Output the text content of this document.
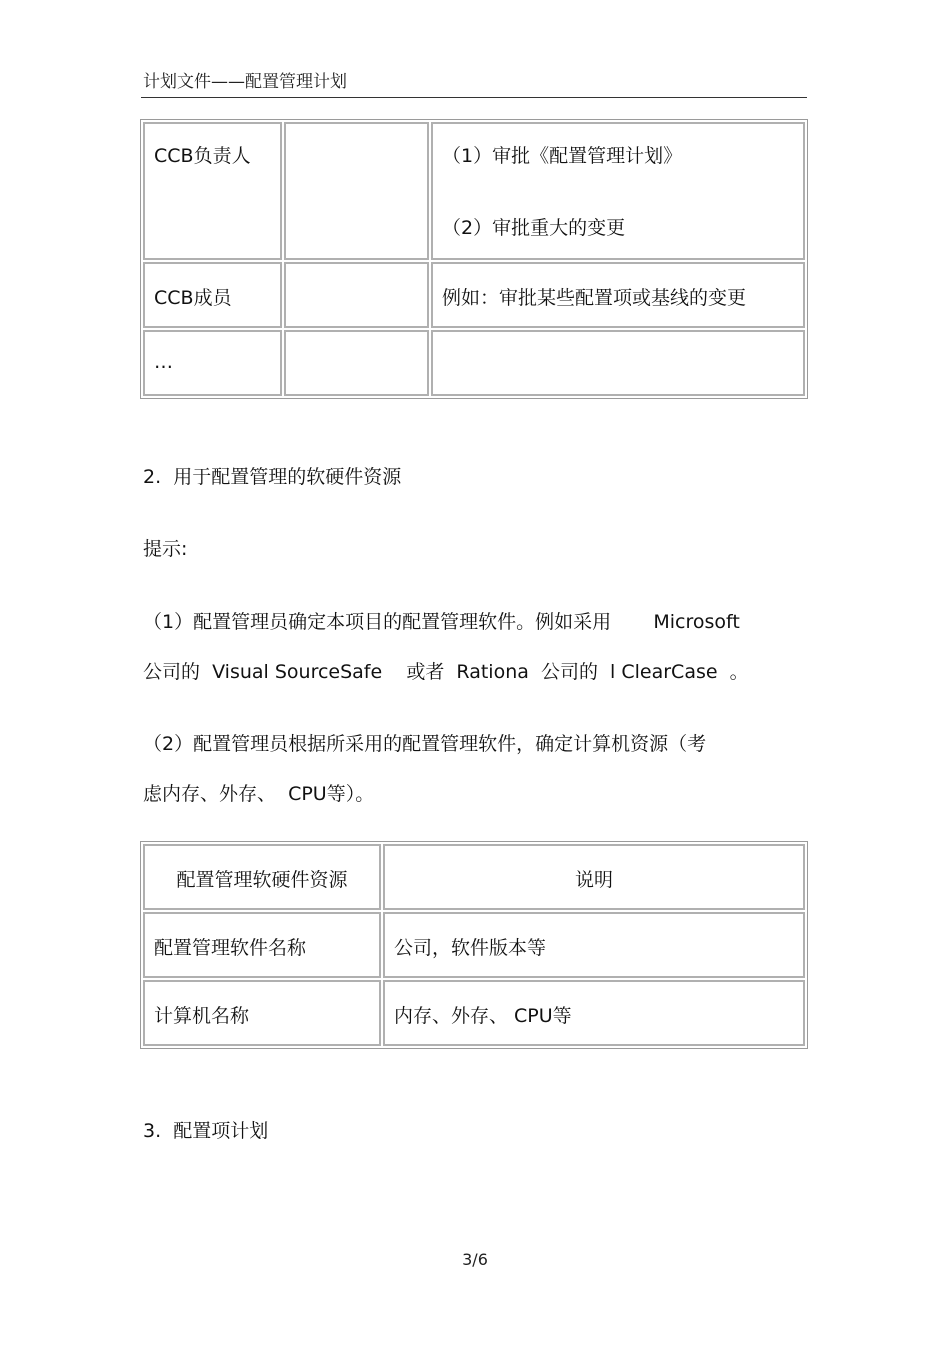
计划文件——配置管理计划
CCB负责人		（1）审批《配置管理计划》
（2）审批重大的变更

CCB成员		例如：审批某些配置项或基线的变更

…		

2.  用于配置管理的软硬件资源
提示:
（1）配置管理员确定本项目的配置管理软件。例如采用       Microsoft
公司的  Visual SourceSafe    或者  Rationa  公司的  l ClearCase  。
（2）配置管理员根据所采用的配置管理软件，确定计算机资源（考
虑内存、外存、  CPU等）。
配置管理软硬件资源	说明

配置管理软件名称	公司，软件版本等

计算机名称	内存、外存、 CPU等
3.  配置项计划
3/6
